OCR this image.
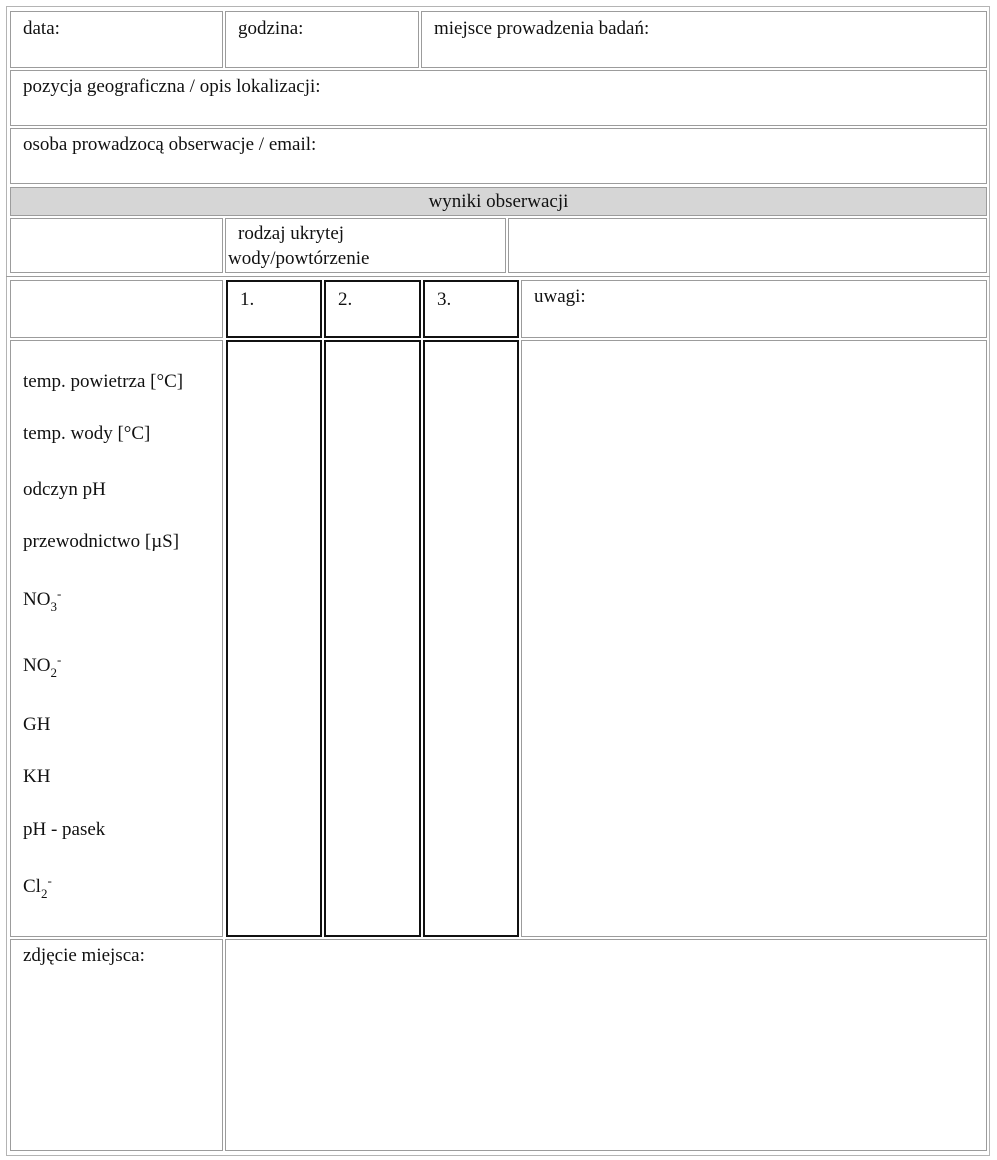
data:	godzina:	miejsce prowadzenia badań:
pozycja geograficzna / opis lokalizacji:
osoba prowadzocą obserwacje / email:
wyniki obserwacji
rodzaj ukrytej
wody/powtórzenie
1.	2.	3.	uwagi:
temp. powietrza [°C]
temp. wody [°C]
odczyn pH
przewodnictwo [µS]
$NO_3^-$
$NO_2^-$
GH
KH
pH - pasek
$Cl_2^-$
zdjęcie miejsca:
